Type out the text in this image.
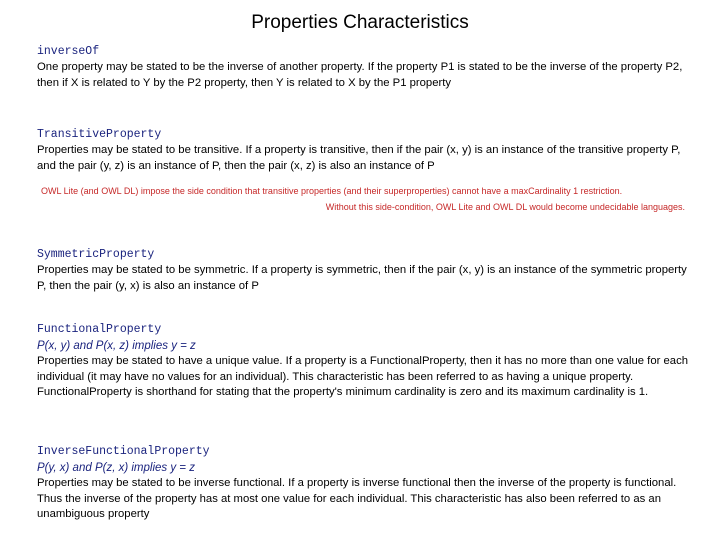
Properties Characteristics
inverseOf
One property may be stated to be the inverse of another property. If the property P1 is stated to be the inverse of the property P2, then if X is related to Y by the P2 property, then Y is related to X by the P1 property
TransitiveProperty
Properties may be stated to be transitive. If a property is transitive, then if the pair (x, y) is an instance of the transitive property P, and the pair (y, z) is an instance of P, then the pair (x, z) is also an instance of P
OWL Lite (and OWL DL) impose the side condition that transitive properties (and their superproperties) cannot have a maxCardinality 1 restriction.
Without this side-condition, OWL Lite and OWL DL would become undecidable languages.
SymmetricProperty
Properties may be stated to be symmetric. If a property is symmetric, then if the pair (x, y) is an instance of the symmetric property P, then the pair (y, x) is also an instance of P
FunctionalProperty
P(x, y) and P(x, z) implies y = z
Properties may be stated to have a unique value. If a property is a FunctionalProperty, then it has no more than one value for each individual (it may have no values for an individual). This characteristic has been referred to as having a unique property. FunctionalProperty is shorthand for stating that the property's minimum cardinality is zero and its maximum cardinality is 1.
InverseFunctionalProperty
P(y, x) and P(z, x) implies y = z
Properties may be stated to be inverse functional. If a property is inverse functional then the inverse of the property is functional. Thus the inverse of the property has at most one value for each individual. This characteristic has also been referred to as an unambiguous property
